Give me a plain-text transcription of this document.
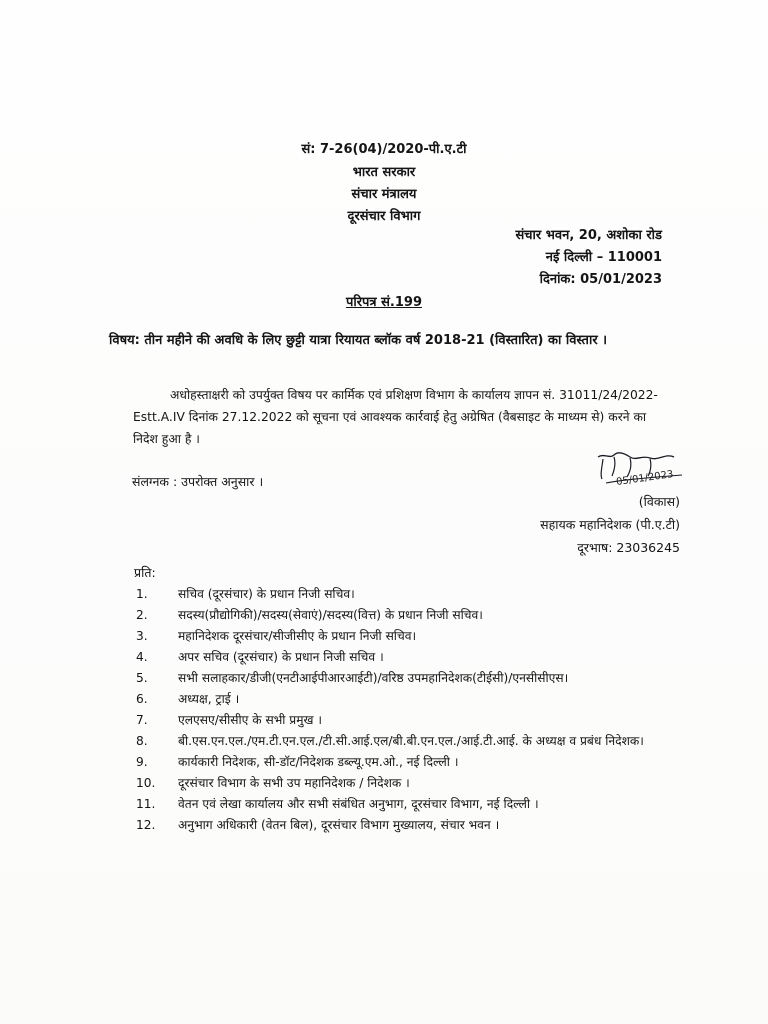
सं: 7-26(04)/2020-पी.ए.टी
भारत सरकार
संचार मंत्रालय
दूरसंचार विभाग
संचार भवन, 20, अशोका रोड
नई दिल्ली – 110001
दिनांक: 05/01/2023
परिपत्र सं.199
विषय: तीन महीने की अवधि के लिए छुट्टी यात्रा रियायत ब्लॉक वर्ष 2018-21 (विस्तारित) का विस्तार ।
अधोहस्ताक्षरी को उपर्युक्त विषय पर कार्मिक एवं प्रशिक्षण विभाग के कार्यालय ज्ञापन सं. 31011/24/2022-Estt.A.IV दिनांक 27.12.2022 को सूचना एवं आवश्यक कार्रवाई हेतु अग्रेषित (वैबसाइट के माध्यम से) करने का निदेश हुआ है ।
संलग्नक : उपरोक्त अनुसार ।	05/01/2023
(विकास)
सहायक महानिदेशक (पी.ए.टी)
दूरभाष: 23036245
प्रति:
1.	सचिव (दूरसंचार) के प्रधान निजी सचिव।
2.	सदस्य(प्रौद्योगिकी)/सदस्य(सेवाएं)/सदस्य(वित्त) के प्रधान निजी सचिव।
3.	महानिदेशक दूरसंचार/सीजीसीए के प्रधान निजी सचिव।
4.	अपर सचिव (दूरसंचार) के प्रधान निजी सचिव ।
5.	सभी सलाहकार/डीजी(एनटीआईपीआरआईटी)/वरिष्ठ उपमहानिदेशक(टीईसी)/एनसीसीएस।
6.	अध्यक्ष, ट्राई ।
7.	एलएसए/सीसीए के सभी प्रमुख ।
8.	बी.एस.एन.एल./एम.टी.एन.एल./टी.सी.आई.एल/बी.बी.एन.एल./आई.टी.आई. के अध्यक्ष व प्रबंध निदेशक।
9.	कार्यकारी निदेशक, सी-डॉट/निदेशक डब्ल्यू.एम.ओ., नई दिल्ली ।
10.	दूरसंचार विभाग के सभी उप महानिदेशक / निदेशक ।
11.	वेतन एवं लेखा कार्यालय और सभी संबंधित अनुभाग, दूरसंचार विभाग, नई दिल्ली ।
12.	अनुभाग अधिकारी (वेतन बिल), दूरसंचार विभाग मुख्यालय, संचार भवन ।
